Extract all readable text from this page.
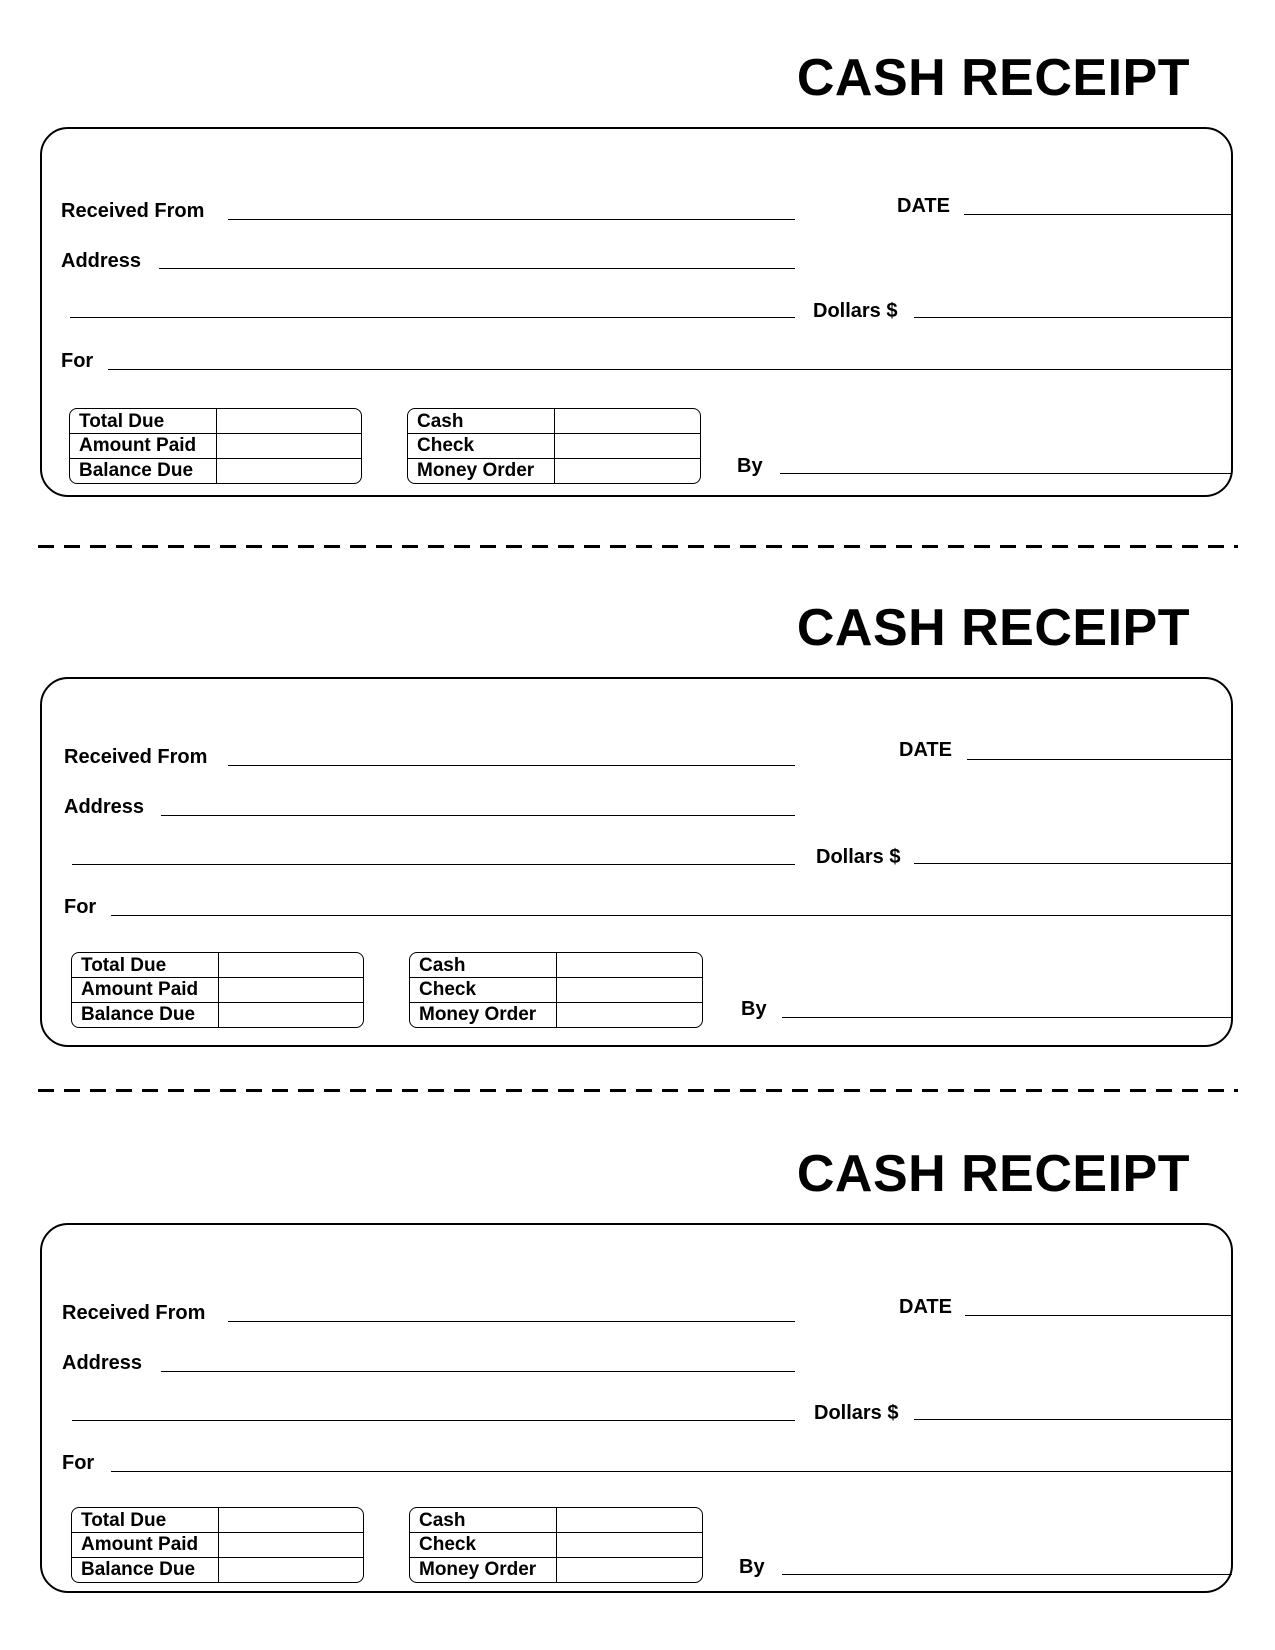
CASH RECEIPT
Received From	DATE
Address
Dollars $
For
Total Due
Amount Paid
Balance Due
Cash
Check
Money Order	By
CASH RECEIPT
Received From	DATE
Address
Dollars $
For
Total Due
Amount Paid
Balance Due
Cash
Check
Money Order	By
CASH RECEIPT
Received From	DATE
Address
Dollars $
For
Total Due
Amount Paid
Balance Due
Cash
Check
Money Order	By
